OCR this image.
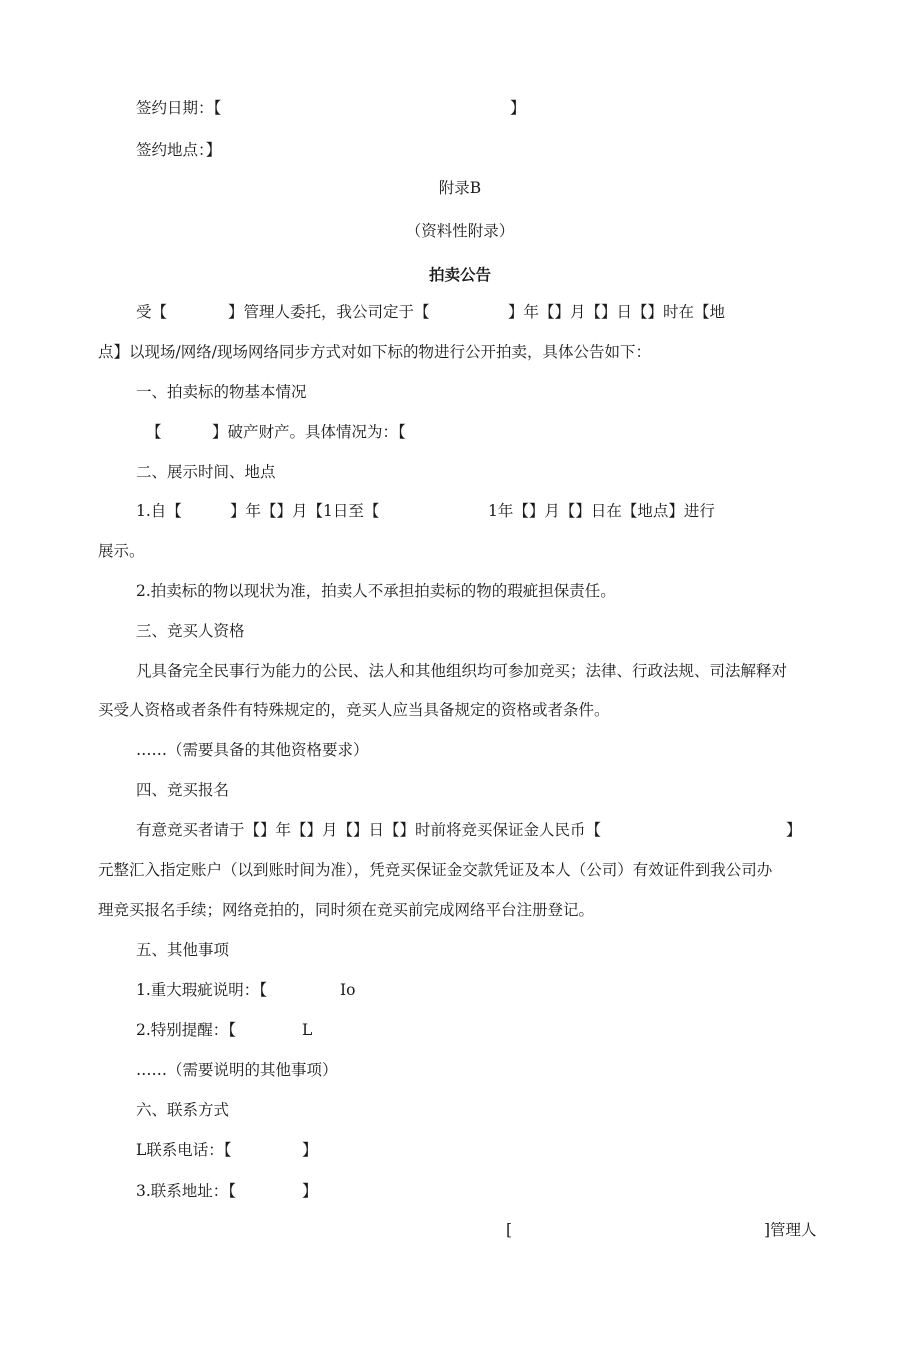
签约日期：【	】
签约地点：】
附录B
（资料性附录）
拍卖公告
受【	】管理人委托，我公司定于【	】年【】月【】日【】时在【地
点】以现场/网络/现场网络同步方式对如下标的物进行公开拍卖，具体公告如下：
一、拍卖标的物基本情况
【	】破产财产。具体情况为：【
二、展示时间、地点
1.自【	】年【】月【1日至【	1年【】月【】日在【地点】进行
展示。
2.拍卖标的物以现状为准，拍卖人不承担拍卖标的物的瑕疵担保责任。
三、竞买人资格
凡具备完全民事行为能力的公民、法人和其他组织均可参加竞买；法律、行政法规、司法解释对
买受人资格或者条件有特殊规定的，竞买人应当具备规定的资格或者条件。
……（需要具备的其他资格要求）
四、竞买报名
有意竞买者请于【】年【】月【】日【】时前将竞买保证金人民币【	】
元整汇入指定账户（以到账时间为准），凭竞买保证金交款凭证及本人（公司）有效证件到我公司办
理竞买报名手续；网络竞拍的，同时须在竞买前完成网络平台注册登记。
五、其他事项
1.重大瑕疵说明：【	Io
2.特别提醒：【	L
……（需要说明的其他事项）
六、联系方式
L联系电话：【	】
3.联系地址：【	】
[	]管理人
